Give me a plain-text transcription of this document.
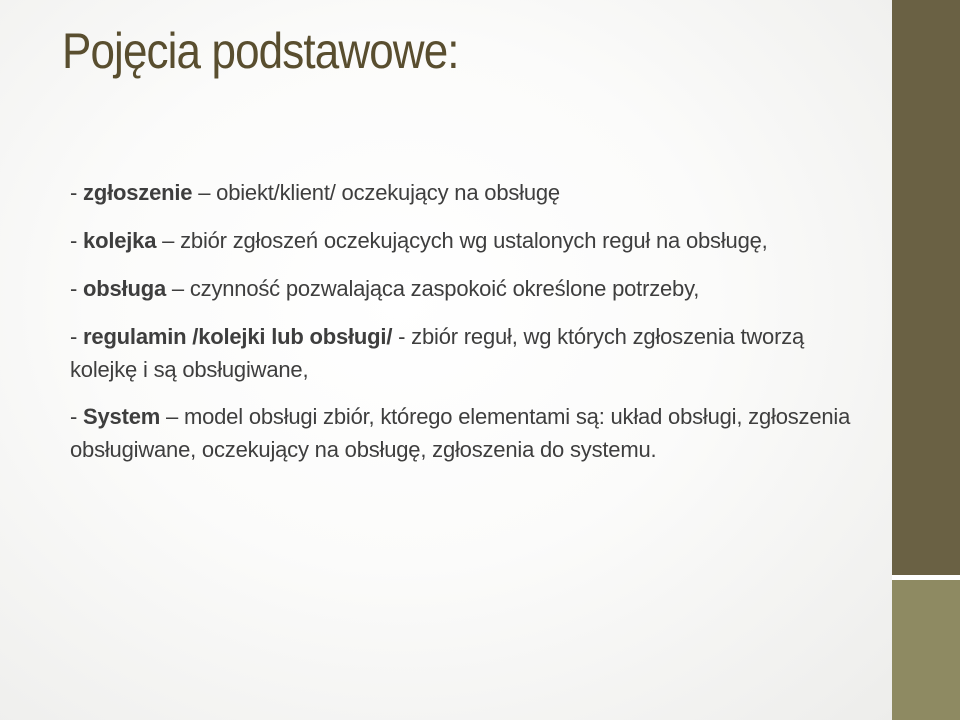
Pojęcia podstawowe:

- zgłoszenie – obiekt/klient/ oczekujący na obsługę

- kolejka – zbiór zgłoszeń oczekujących wg ustalonych reguł na obsługę,

- obsługa – czynność pozwalająca zaspokoić określone potrzeby,

- regulamin /kolejki lub obsługi/ - zbiór reguł, wg których zgłoszenia tworzą kolejkę i są obsługiwane,

- System – model obsługi zbiór, którego elementami są: układ obsługi, zgłoszenia obsługiwane, oczekujący na obsługę, zgłoszenia do systemu.
